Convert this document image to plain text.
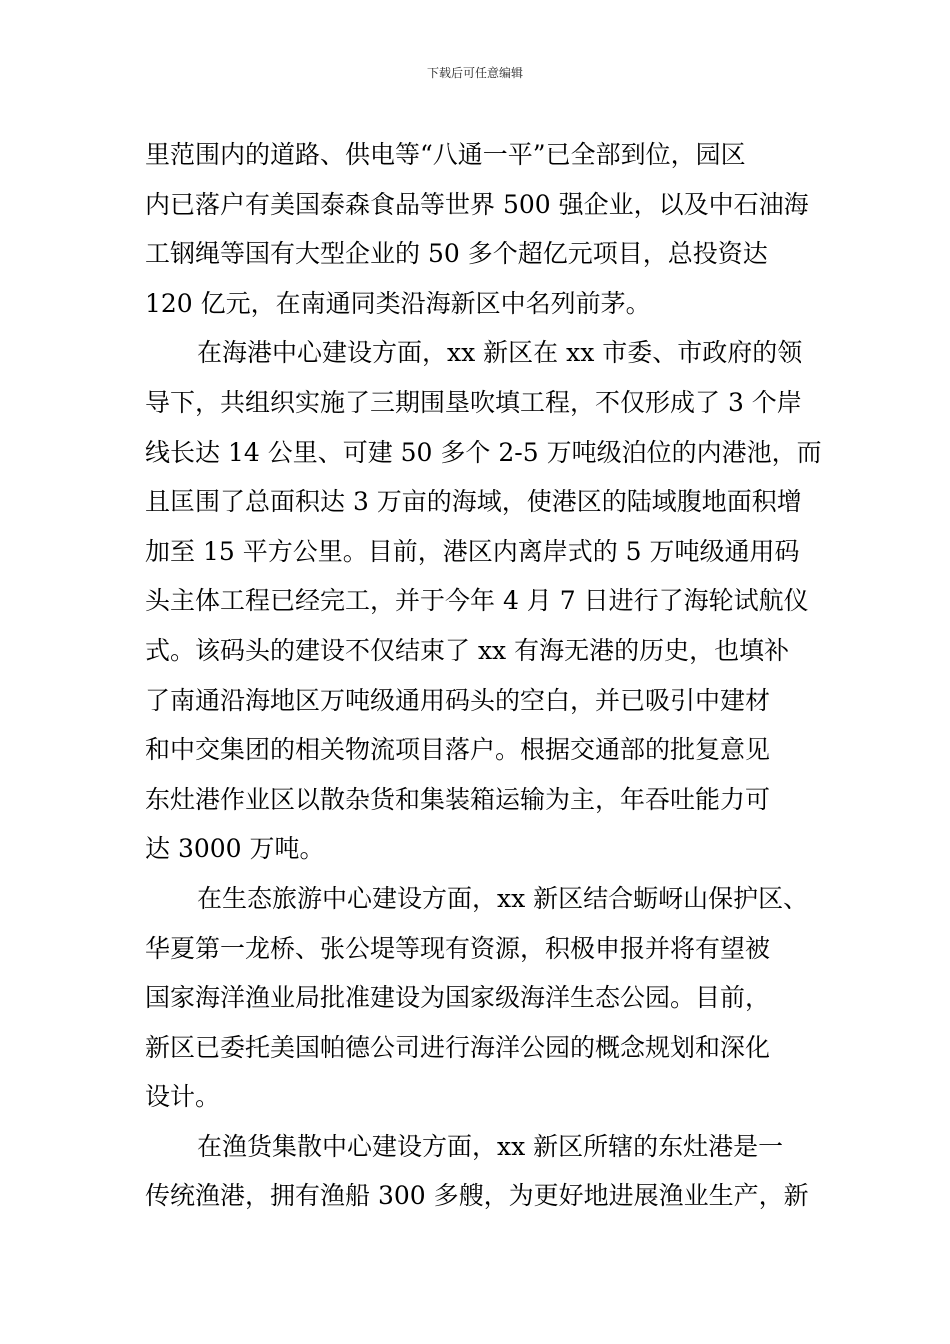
下载后可任意编辑

里范围内的道路、供电等“八通一平”已全部到位，园区
内已落户有美国泰森食品等世界 500 强企业，以及中石油海
工钢绳等国有大型企业的 50 多个超亿元项目，总投资达
120 亿元，在南通同类沿海新区中名列前茅。

在海港中心建设方面，xx 新区在 xx 市委、市政府的领
导下，共组织实施了三期围垦吹填工程，不仅形成了 3 个岸
线长达 14 公里、可建 50 多个 2-5 万吨级泊位的内港池，而
且匡围了总面积达 3 万亩的海域，使港区的陆域腹地面积增
加至 15 平方公里。目前，港区内离岸式的 5 万吨级通用码
头主体工程已经完工，并于今年 4 月 7 日进行了海轮试航仪
式。该码头的建设不仅结束了 xx 有海无港的历史，也填补
了南通沿海地区万吨级通用码头的空白，并已吸引中建材
和中交集团的相关物流项目落户。根据交通部的批复意见
东灶港作业区以散杂货和集装箱运输为主，年吞吐能力可
达 3000 万吨。

在生态旅游中心建设方面，xx 新区结合蛎岈山保护区、
华夏第一龙桥、张公堤等现有资源，积极申报并将有望被
国家海洋渔业局批准建设为国家级海洋生态公园。目前，
新区已委托美国帕德公司进行海洋公园的概念规划和深化
设计。

在渔货集散中心建设方面，xx 新区所辖的东灶港是一
传统渔港，拥有渔船 300 多艘，为更好地进展渔业生产，新
